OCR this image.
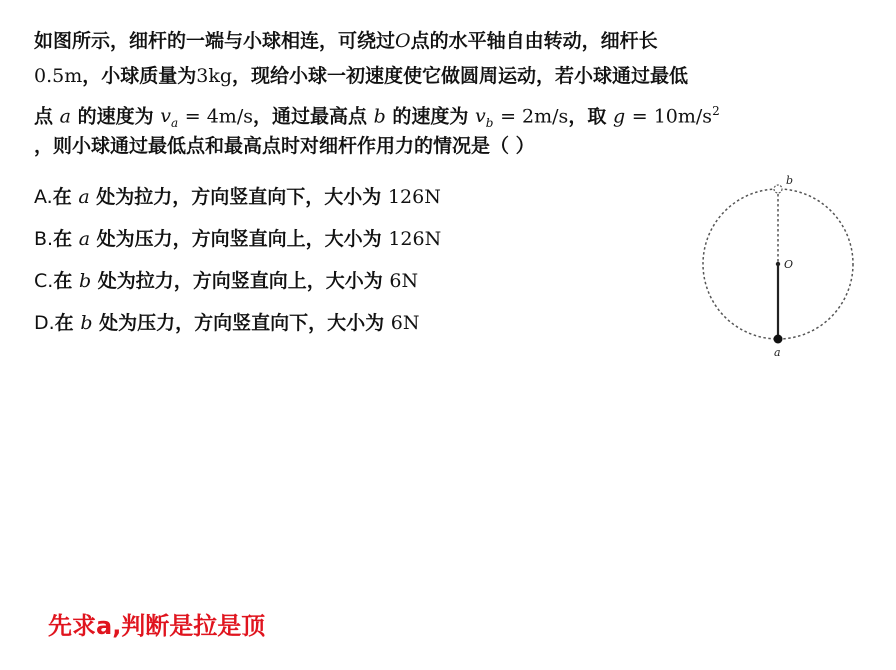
如图所示，细杆的一端与小球相连，可绕过O点的水平轴自由转动，细杆长
0.5m，小球质量为3kg，现给小球一初速度使它做圆周运动，若小球通过最低
点 a 的速度为 $v_a = 4m/s$，通过最高点 b 的速度为 $v_b = 2m/s$，取 $g = 10m/s^2$
，则小球通过最低点和最高点时对细杆作用力的情况是（ ）
A.在 a 处为拉力，方向竖直向下，大小为 126N
B.在 a 处为压力，方向竖直向上，大小为 126N
C.在 b 处为拉力，方向竖直向上，大小为 6N
D.在 b 处为压力，方向竖直向下，大小为 6N
b
O
a
先求a,判断是拉是顶
